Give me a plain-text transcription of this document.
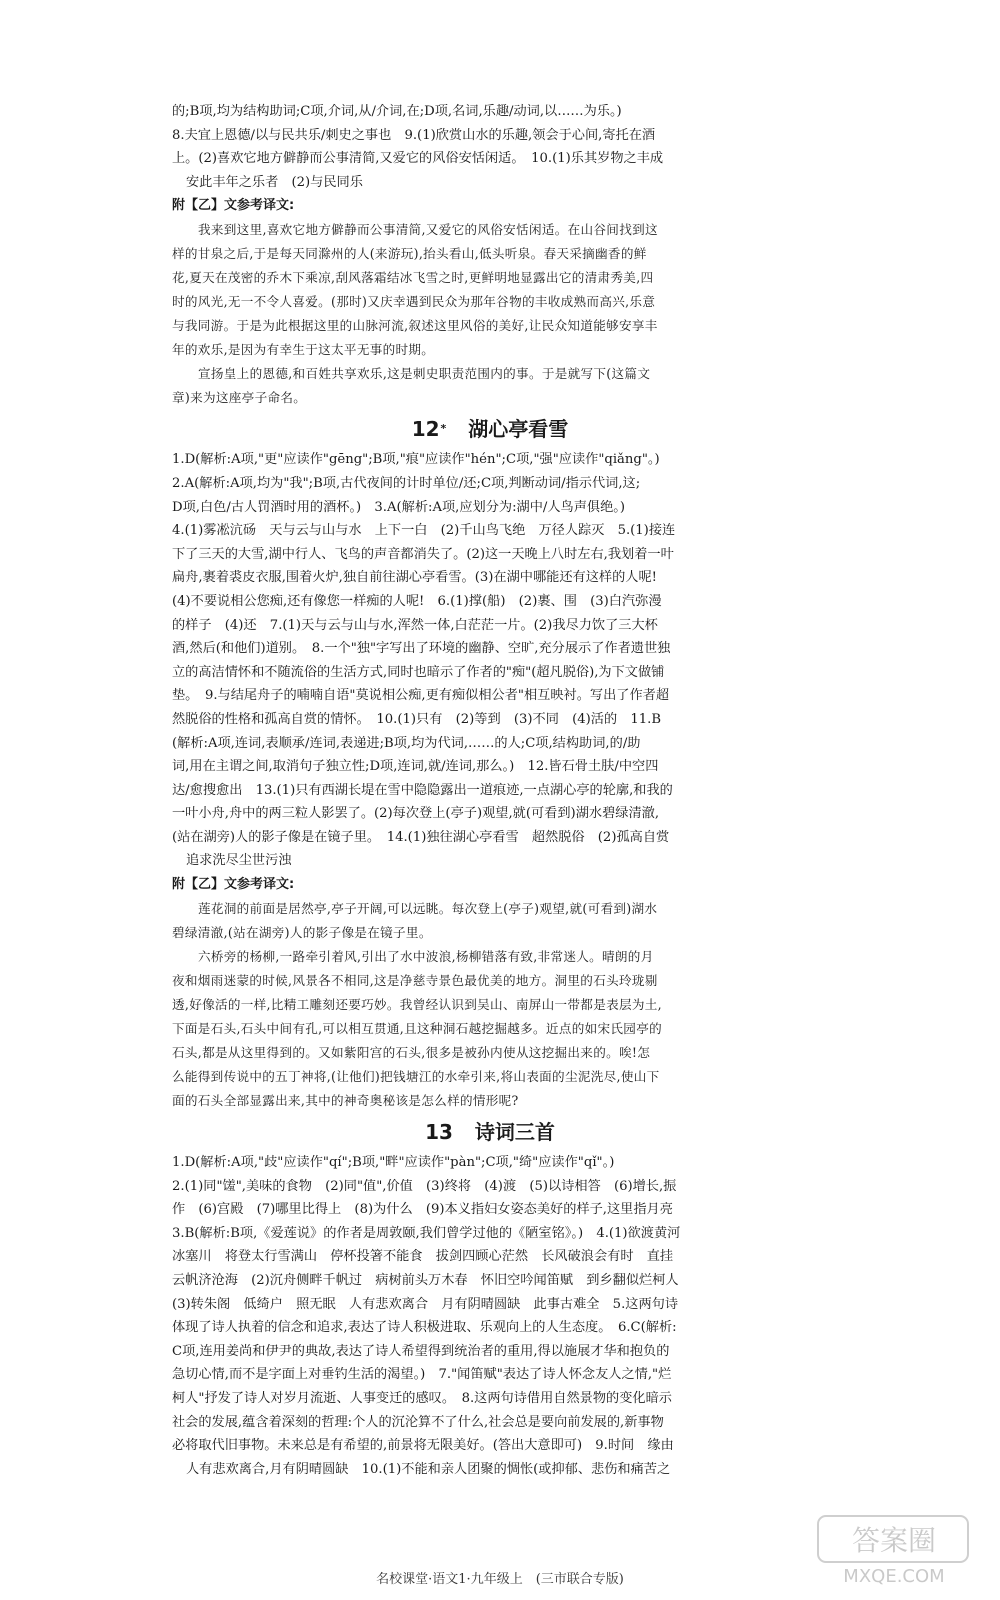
的;B项,均为结构助词;C项,介词,从/介词,在;D项,名词,乐趣/动词,以……为乐。)
8.夫宜上恩德/以与民共乐/刺史之事也　9.(1)欣赏山水的乐趣,领会于心间,寄托在酒
上。(2)喜欢它地方僻静而公事清简,又爱它的风俗安恬闲适。　10.(1)乐其岁物之丰成
安此丰年之乐者　(2)与民同乐
附【乙】文参考译文:
我来到这里,喜欢它地方僻静而公事清简,又爱它的风俗安恬闲适。在山谷间找到这
样的甘泉之后,于是每天同滁州的人(来游玩),抬头看山,低头听泉。春天采摘幽香的鲜
花,夏天在茂密的乔木下乘凉,刮风落霜结冰飞雪之时,更鲜明地显露出它的清肃秀美,四
时的风光,无一不令人喜爱。(那时)又庆幸遇到民众为那年谷物的丰收成熟而高兴,乐意
与我同游。于是为此根据这里的山脉河流,叙述这里风俗的美好,让民众知道能够安享丰
年的欢乐,是因为有幸生于这太平无事的时期。
宣扬皇上的恩德,和百姓共享欢乐,这是刺史职责范围内的事。于是就写下(这篇文
章)来为这座亭子命名。
12* 湖心亭看雪
1.D(解析:A项,"更"应读作"gēng";B项,"痕"应读作"hén";C项,"强"应读作"qiǎng"。)
2.A(解析:A项,均为"我";B项,古代夜间的计时单位/还;C项,判断动词/指示代词,这;
D项,白色/古人罚酒时用的酒杯。)　3.A(解析:A项,应划分为:湖中/人鸟声俱绝。)
4.(1)雾凇沆砀　天与云与山与水　上下一白　(2)千山鸟飞绝　万径人踪灭　5.(1)接连
下了三天的大雪,湖中行人、飞鸟的声音都消失了。(2)这一天晚上八时左右,我划着一叶
扁舟,裹着裘皮衣服,围着火炉,独自前往湖心亭看雪。(3)在湖中哪能还有这样的人呢!
(4)不要说相公您痴,还有像您一样痴的人呢!　6.(1)撑(船)　(2)裹、围　(3)白汽弥漫
的样子　(4)还　7.(1)天与云与山与水,浑然一体,白茫茫一片。(2)我尽力饮了三大杯
酒,然后(和他们)道别。　8.一个"独"字写出了环境的幽静、空旷,充分展示了作者遗世独
立的高洁情怀和不随流俗的生活方式,同时也暗示了作者的"痴"(超凡脱俗),为下文做铺
垫。　9.与结尾舟子的喃喃自语"莫说相公痴,更有痴似相公者"相互映衬。写出了作者超
然脱俗的性格和孤高自赏的情怀。　10.(1)只有　(2)等到　(3)不同　(4)活的　11.B
(解析:A项,连词,表顺承/连词,表递进;B项,均为代词,……的人;C项,结构助词,的/助
词,用在主谓之间,取消句子独立性;D项,连词,就/连词,那么。)　12.皆石骨土肤/中空四
达/愈搜愈出　13.(1)只有西湖长堤在雪中隐隐露出一道痕迹,一点湖心亭的轮廓,和我的
一叶小舟,舟中的两三粒人影罢了。(2)每次登上(亭子)观望,就(可看到)湖水碧绿清澈,
(站在湖旁)人的影子像是在镜子里。　14.(1)独往湖心亭看雪　超然脱俗　(2)孤高自赏
追求洗尽尘世污浊
附【乙】文参考译文:
莲花洞的前面是居然亭,亭子开阔,可以远眺。每次登上(亭子)观望,就(可看到)湖水
碧绿清澈,(站在湖旁)人的影子像是在镜子里。
六桥旁的杨柳,一路牵引着风,引出了水中波浪,杨柳错落有致,非常迷人。晴朗的月
夜和烟雨迷蒙的时候,风景各不相同,这是净慈寺景色最优美的地方。洞里的石头玲珑剔
透,好像活的一样,比精工雕刻还要巧妙。我曾经认识到吴山、南屏山一带都是表层为土,
下面是石头,石头中间有孔,可以相互贯通,且这种洞石越挖掘越多。近点的如宋氏园亭的
石头,都是从这里得到的。又如紫阳宫的石头,很多是被孙内使从这挖掘出来的。唉!怎
么能得到传说中的五丁神将,(让他们)把钱塘江的水牵引来,将山表面的尘泥洗尽,使山下
面的石头全部显露出来,其中的神奇奥秘该是怎么样的情形呢?
13 诗词三首
1.D(解析:A项,"歧"应读作"qí";B项,"畔"应读作"pàn";C项,"绮"应读作"qǐ"。)
2.(1)同"馐",美味的食物　(2)同"值",价值　(3)终将　(4)渡　(5)以诗相答　(6)增长,振
作　(6)宫殿　(7)哪里比得上　(8)为什么　(9)本义指妇女姿态美好的样子,这里指月亮
3.B(解析:B项,《爱莲说》的作者是周敦颐,我们曾学过他的《陋室铭》。)　4.(1)欲渡黄河
冰塞川　将登太行雪满山　停杯投箸不能食　拔剑四顾心茫然　长风破浪会有时　直挂
云帆济沧海　(2)沉舟侧畔千帆过　病树前头万木春　怀旧空吟闻笛赋　到乡翻似烂柯人
(3)转朱阁　低绮户　照无眠　人有悲欢离合　月有阴晴圆缺　此事古难全　5.这两句诗
体现了诗人执着的信念和追求,表达了诗人积极进取、乐观向上的人生态度。　6.C(解析:
C项,连用姜尚和伊尹的典故,表达了诗人希望得到统治者的重用,得以施展才华和抱负的
急切心情,而不是字面上对垂钓生活的渴望。)　7."闻笛赋"表达了诗人怀念友人之情,"烂
柯人"抒发了诗人对岁月流逝、人事变迁的感叹。　8.这两句诗借用自然景物的变化暗示
社会的发展,蕴含着深刻的哲理:个人的沉沦算不了什么,社会总是要向前发展的,新事物
必将取代旧事物。未来总是有希望的,前景将无限美好。(答出大意即可)　9.时间　缘由
人有悲欢离合,月有阴晴圆缺　10.(1)不能和亲人团聚的惆怅(或抑郁、悲伤和痛苦之
名校课堂·语文1·九年级上　(三市联合专版)
答案圈
MXQE.COM
